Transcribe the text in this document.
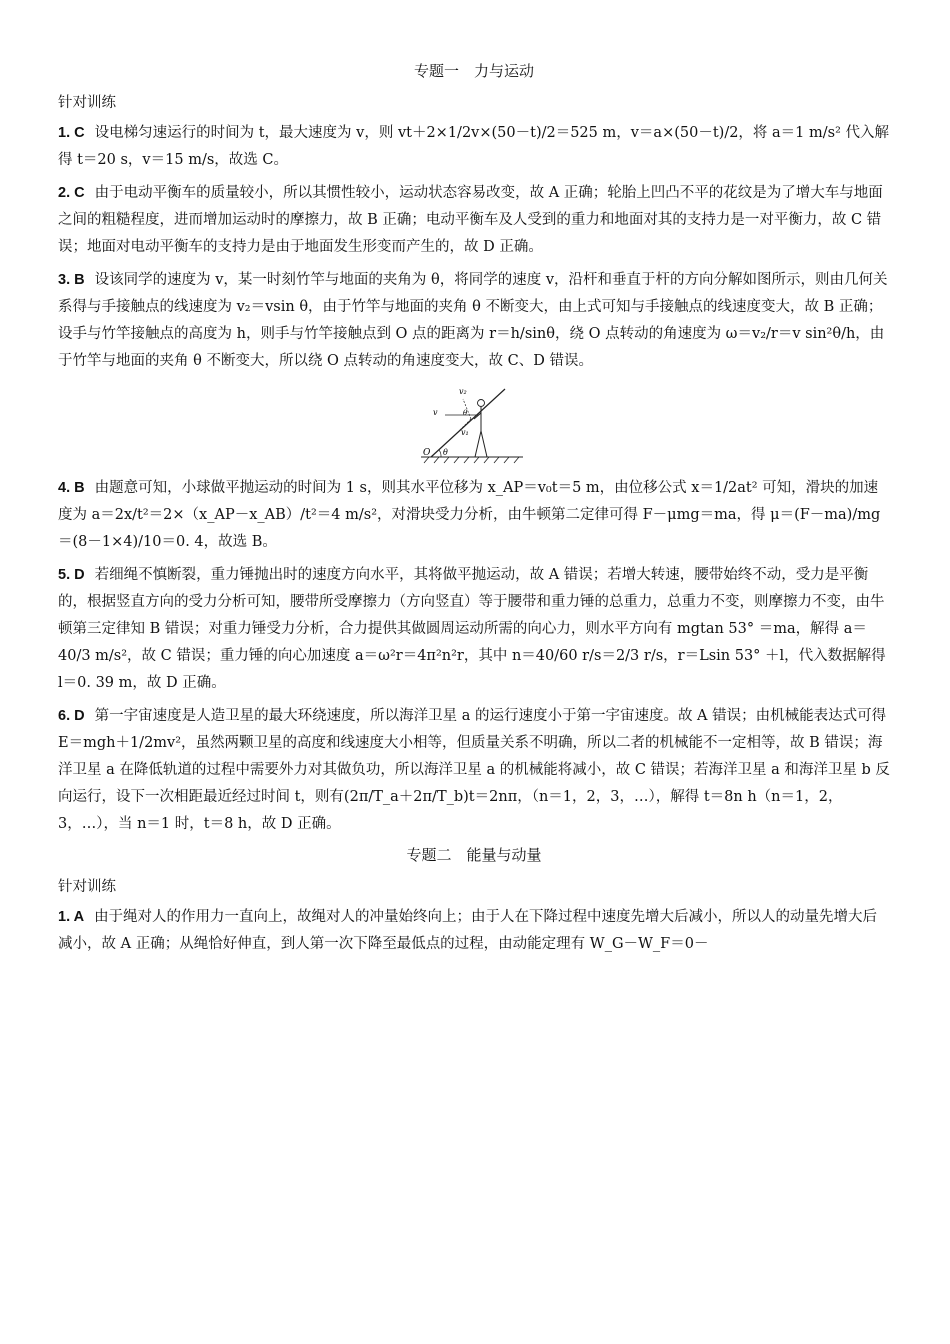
专题一　力与运动
针对训练
1. C 设电梯匀速运行的时间为 t，最大速度为 v，则 vt＋2×1/2v×(50－t)/2＝525 m，v＝a×(50－t)/2，将 a＝1 m/s² 代入解得 t＝20 s，v＝15 m/s，故选 C。
2. C 由于电动平衡车的质量较小，所以其惯性较小，运动状态容易改变，故 A 正确；轮胎上凹凸不平的花纹是为了增大车与地面之间的粗糙程度，进而增加运动时的摩擦力，故 B 正确；电动平衡车及人受到的重力和地面对其的支持力是一对平衡力，故 C 错误；地面对电动平衡车的支持力是由于地面发生形变而产生的，故 D 正确。
3. B 设该同学的速度为 v，某一时刻竹竿与地面的夹角为 θ，将同学的速度 v，沿杆和垂直于杆的方向分解如图所示，则由几何关系得与手接触点的线速度为 v₂＝vsin θ，由于竹竿与地面的夹角 θ 不断变大，由上式可知与手接触点的线速度变大，故 B 正确；设手与竹竿接触点的高度为 h，则手与竹竿接触点到 O 点的距离为 r＝h/sinθ，绕 O 点转动的角速度为 ω＝v₂/r＝v sin²θ/h，由于竹竿与地面的夹角 θ 不断变大，所以绕 O 点转动的角速度变大，故 C、D 错误。
v₂
v	θ
v₁
O θ
4. B 由题意可知，小球做平抛运动的时间为 1 s，则其水平位移为 x_AP＝v₀t＝5 m，由位移公式 x＝1/2at² 可知，滑块的加速度为 a＝2x/t²＝2×（x_AP－x_AB）/t²＝4 m/s²，对滑块受力分析，由牛顿第二定律可得 F－μmg＝ma，得 μ＝(F－ma)/mg＝(8－1×4)/10＝0. 4，故选 B。
5. D 若细绳不慎断裂，重力锤抛出时的速度方向水平，其将做平抛运动，故 A 错误；若增大转速，腰带始终不动，受力是平衡的，根据竖直方向的受力分析可知，腰带所受摩擦力（方向竖直）等于腰带和重力锤的总重力，总重力不变，则摩擦力不变，由牛顿第三定律知 B 错误；对重力锤受力分析，合力提供其做圆周运动所需的向心力，则水平方向有 mgtan 53° ＝ma，解得 a＝40/3 m/s²，故 C 错误；重力锤的向心加速度 a＝ω²r＝4π²n²r，其中 n＝40/60 r/s＝2/3 r/s，r＝Lsin 53° ＋l，代入数据解得 l＝0. 39 m，故 D 正确。
6. D 第一宇宙速度是人造卫星的最大环绕速度，所以海洋卫星 a 的运行速度小于第一宇宙速度。故 A 错误；由机械能表达式可得 E＝mgh＋1/2mv²，虽然两颗卫星的高度和线速度大小相等，但质量关系不明确，所以二者的机械能不一定相等，故 B 错误；海洋卫星 a 在降低轨道的过程中需要外力对其做负功，所以海洋卫星 a 的机械能将减小，故 C 错误；若海洋卫星 a 和海洋卫星 b 反向运行，设下一次相距最近经过时间 t，则有(2π/T_a＋2π/T_b)t＝2nπ，（n＝1，2，3，…），解得 t＝8n h（n＝1，2，3，…），当 n＝1 时，t＝8 h，故 D 正确。
专题二　能量与动量
针对训练
1. A 由于绳对人的作用力一直向上，故绳对人的冲量始终向上；由于人在下降过程中速度先增大后减小，所以人的动量先增大后减小，故 A 正确；从绳恰好伸直，到人第一次下降至最低点的过程，由动能定理有 W_G－W_F＝0－
